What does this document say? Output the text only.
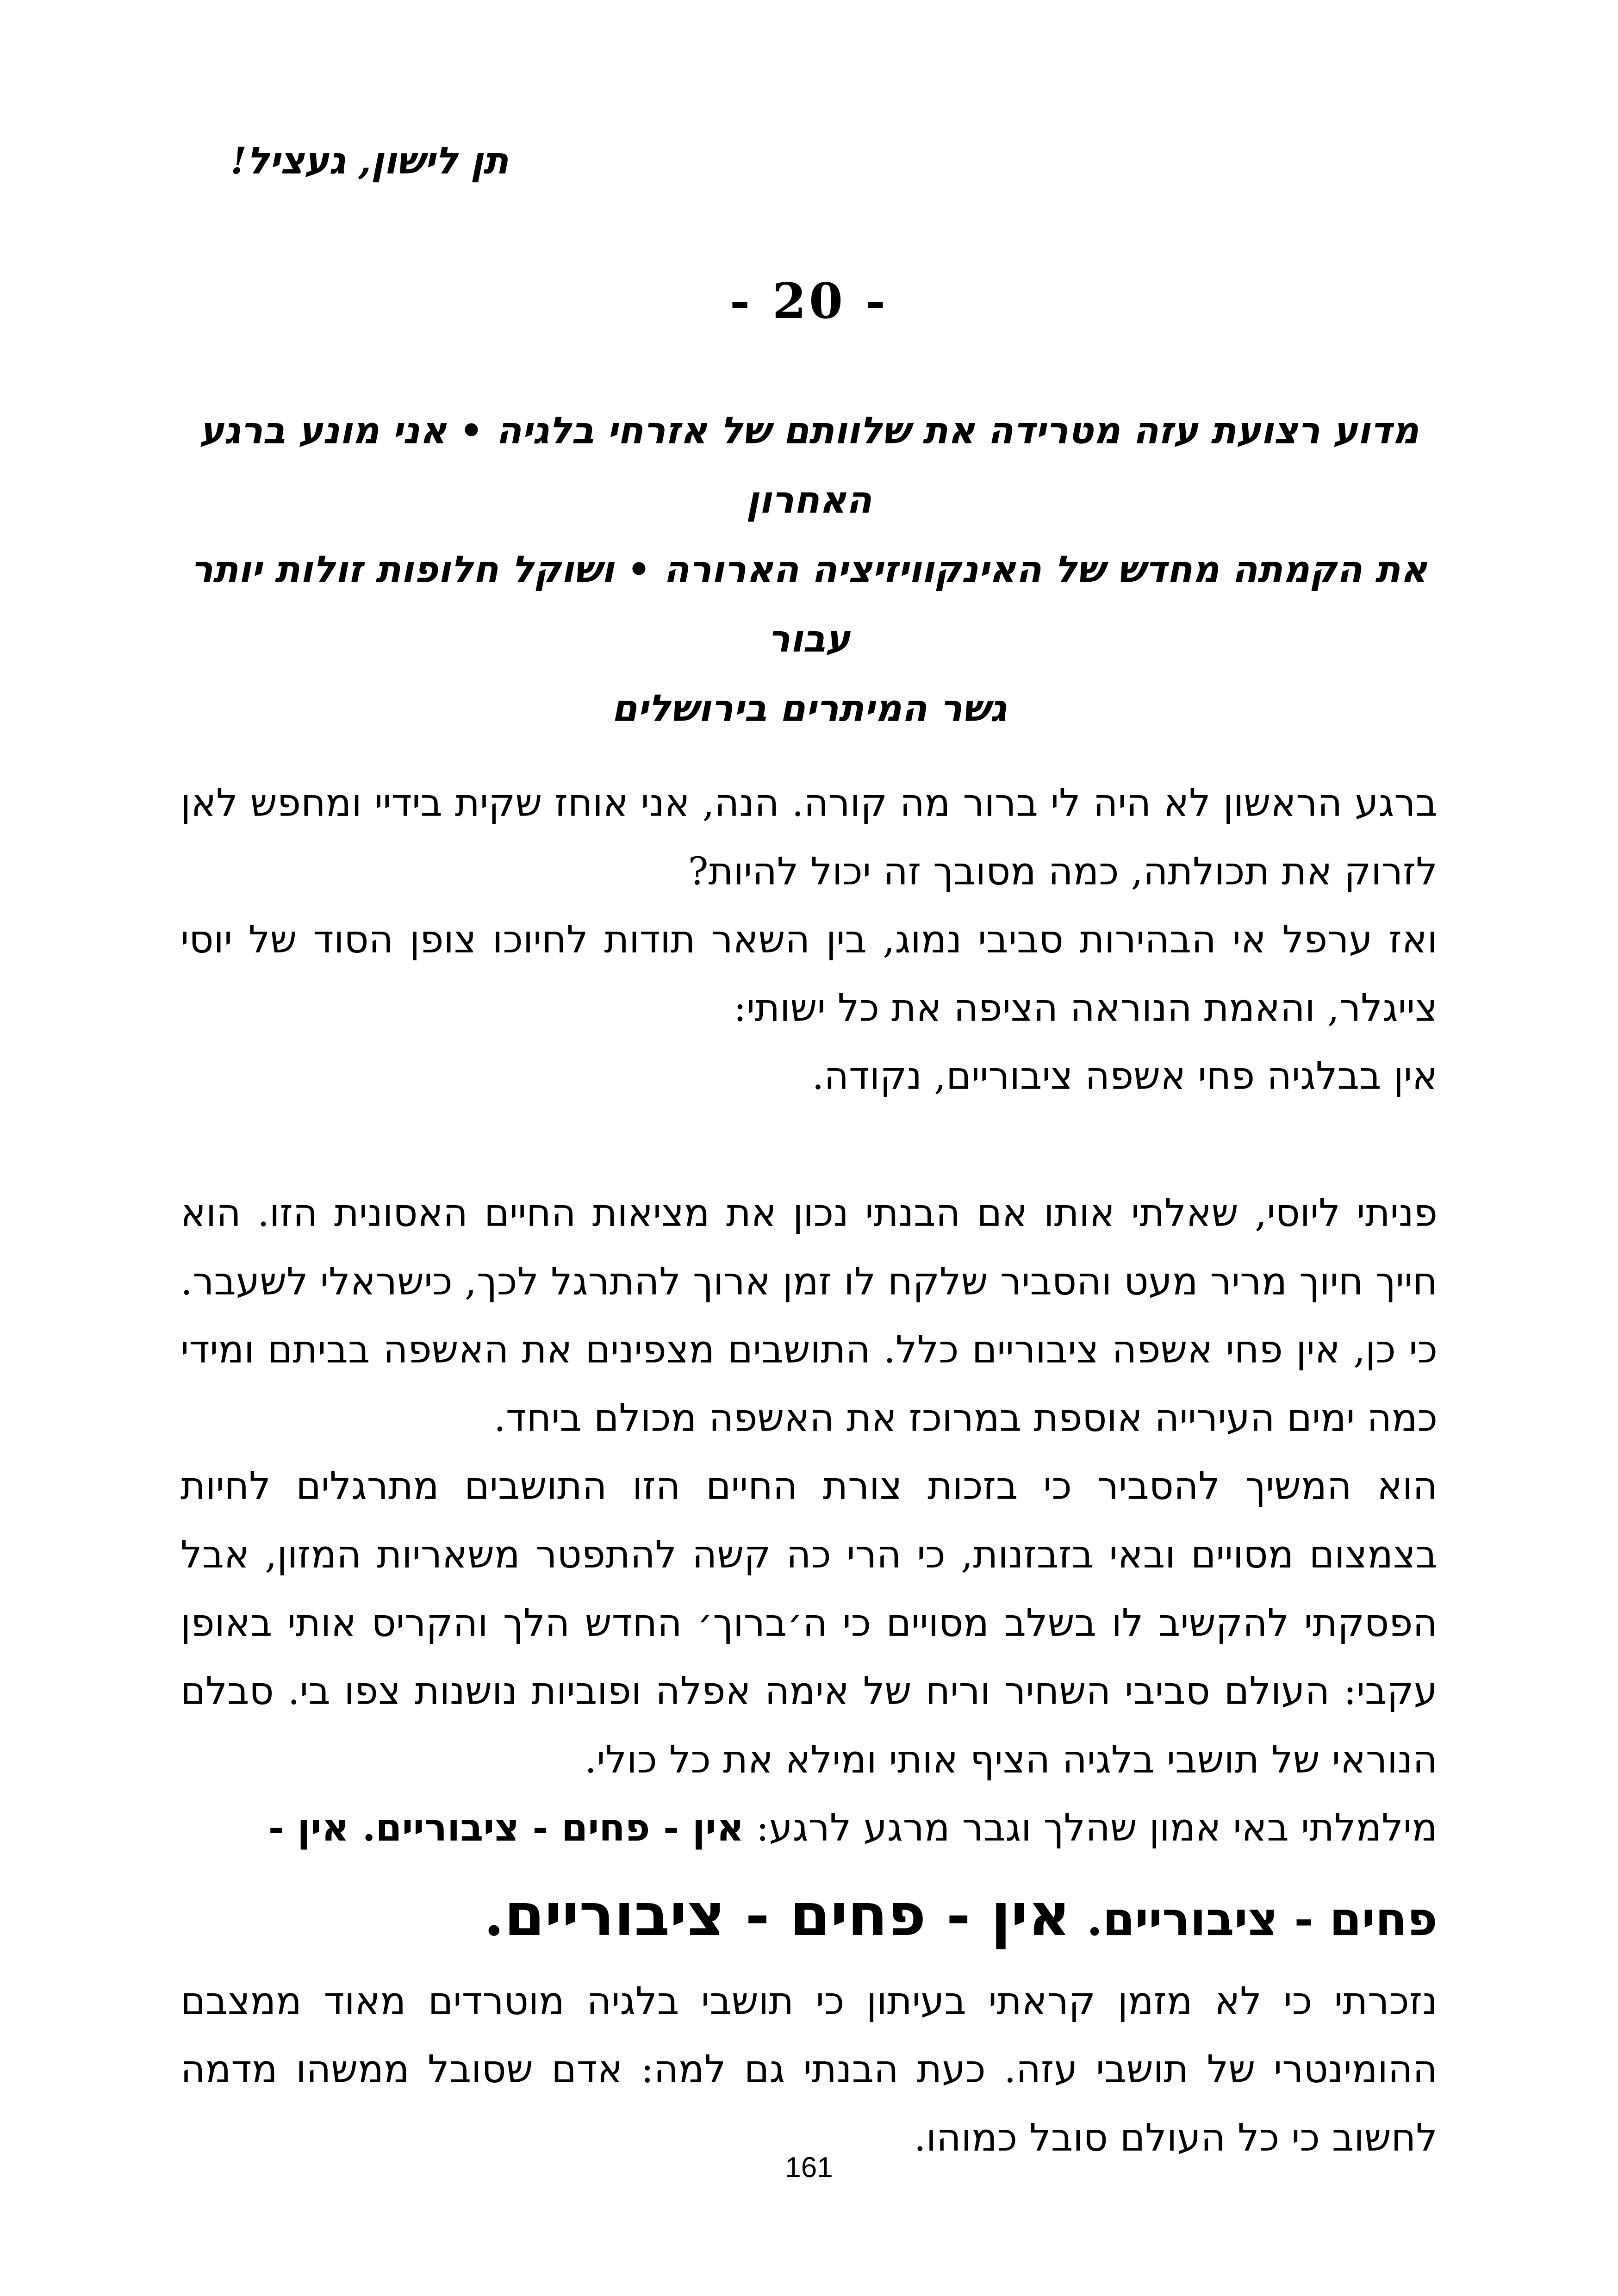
תן לישון, געציל!
- 20 -
מדוע רצועת עזה מטרידה את שלוותם של אזרחי בלגיה • אני מונע ברגע האחרון
את הקמתה מחדש של האינקוויזיציה הארורה • ושוקל חלופות זולות יותר עבור
גשר המיתרים בירושלים

ברגע הראשון לא היה לי ברור מה קורה. הנה, אני אוחז שקית בידיי ומחפש לאן לזרוק את תכולתה, כמה מסובך זה יכול להיות?

ואז ערפל אי הבהירות סביבי נמוג, בין השאר תודות לחיוכו צופן הסוד של יוסי צייגלר, והאמת הנוראה הציפה את כל ישותי:

אין בבלגיה פחי אשפה ציבוריים, נקודה.

פניתי ליוסי, שאלתי אותו אם הבנתי נכון את מציאות החיים האסונית הזו. הוא חייך חיוך מריר מעט והסביר שלקח לו זמן ארוך להתרגל לכך, כישראלי לשעבר. כי כן, אין פחי אשפה ציבוריים כלל. התושבים מצפינים את האשפה בביתם ומידי כמה ימים העירייה אוספת במרוכז את האשפה מכולם ביחד.

הוא המשיך להסביר כי בזכות צורת החיים הזו התושבים מתרגלים לחיות בצמצום מסויים ובאי בזבזנות, כי הרי כה קשה להתפטר משאריות המזון, אבל הפסקתי להקשיב לו בשלב מסויים כי ה׳ברוך׳ החדש הלך והקריס אותי באופן עקבי: העולם סביבי השחיר וריח של אימה אפלה ופוביות נושנות צפו בי. סבלם הנוראי של תושבי בלגיה הציף אותי ומילא את כל כולי.

מילמלתי באי אמון שהלך וגבר מרגע לרגע: אין - פחים - ציבוריים. אין -
פחים - ציבוריים. אין - פחים - ציבוריים.

נזכרתי כי לא מזמן קראתי בעיתון כי תושבי בלגיה מוטרדים מאוד ממצבם ההומינטרי של תושבי עזה. כעת הבנתי גם למה: אדם שסובל ממשהו מדמה לחשוב כי כל העולם סובל כמוהו.

161
